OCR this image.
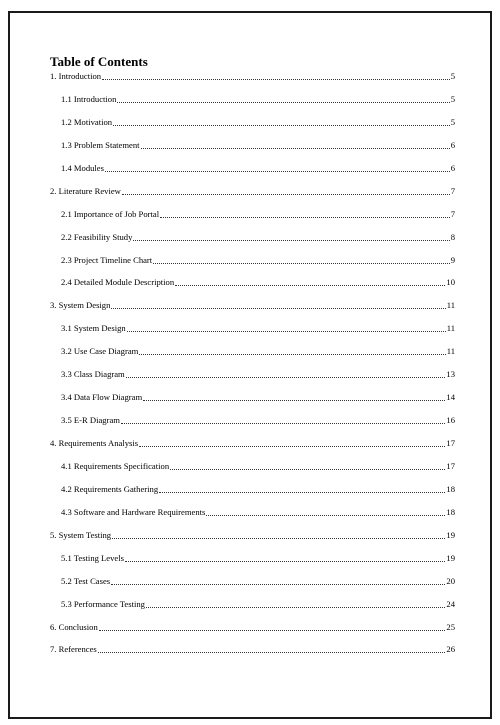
Table of Contents
1. Introduction	5
1.1 Introduction	5
1.2 Motivation	5
1.3 Problem Statement	6
1.4 Modules	6
2. Literature Review	7
2.1 Importance of Job Portal	7
2.2 Feasibility Study	8
2.3 Project Timeline Chart	9
2.4 Detailed Module Description	10
3. System Design	11
3.1 System Design	11
3.2 Use Case Diagram	11
3.3 Class Diagram	13
3.4 Data Flow Diagram	14
3.5 E-R Diagram	16
4. Requirements Analysis	17
4.1 Requirements Specification	17
4.2 Requirements Gathering	18
4.3 Software and Hardware Requirements	18
5. System Testing	19
5.1 Testing Levels	19
5.2 Test Cases	20
5.3 Performance Testing	24
6. Conclusion	25
7. References	26
